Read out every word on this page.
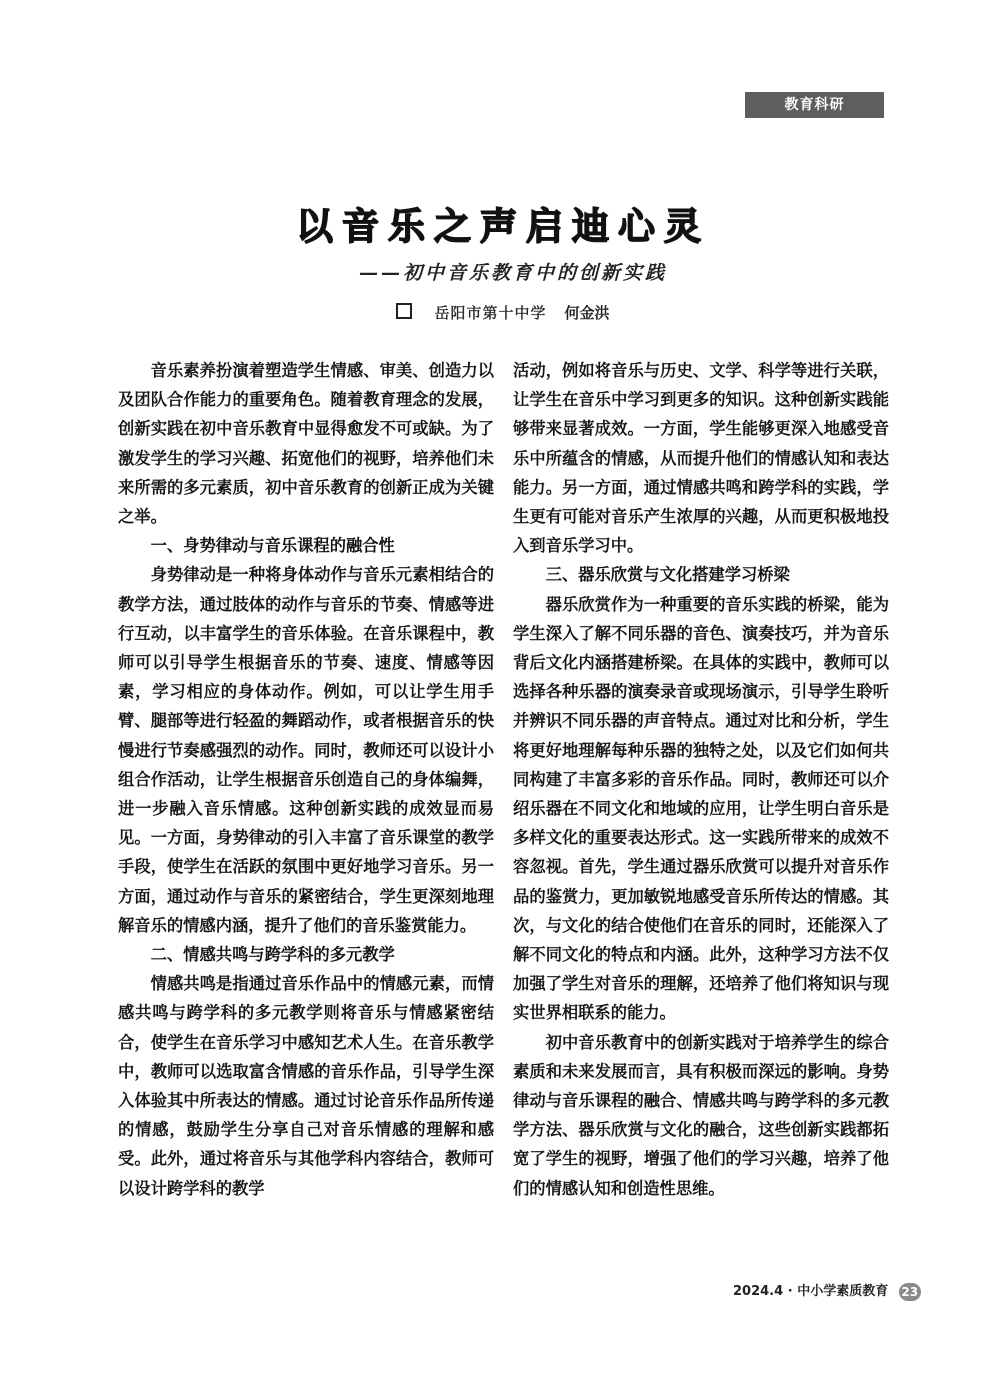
教育科研
以音乐之声启迪心灵
——初中音乐教育中的创新实践
岳阳市第十中学 何金洪

音乐素养扮演着塑造学生情感、审美、创造力以及团队合作能力的重要角色。随着教育理念的发展，创新实践在初中音乐教育中显得愈发不可或缺。为了激发学生的学习兴趣、拓宽他们的视野，培养他们未来所需的多元素质，初中音乐教育的创新正成为关键之举。

一、身势律动与音乐课程的融合性

身势律动是一种将身体动作与音乐元素相结合的教学方法，通过肢体的动作与音乐的节奏、情感等进行互动，以丰富学生的音乐体验。在音乐课程中，教师可以引导学生根据音乐的节奏、速度、情感等因素，学习相应的身体动作。例如，可以让学生用手臂、腿部等进行轻盈的舞蹈动作，或者根据音乐的快慢进行节奏感强烈的动作。同时，教师还可以设计小组合作活动，让学生根据音乐创造自己的身体编舞，进一步融入音乐情感。这种创新实践的成效显而易见。一方面，身势律动的引入丰富了音乐课堂的教学手段，使学生在活跃的氛围中更好地学习音乐。另一方面，通过动作与音乐的紧密结合，学生更深刻地理解音乐的情感内涵，提升了他们的音乐鉴赏能力。

二、情感共鸣与跨学科的多元教学

情感共鸣是指通过音乐作品中的情感元素，而情感共鸣与跨学科的多元教学则将音乐与情感紧密结合，使学生在音乐学习中感知艺术人生。在音乐教学中，教师可以选取富含情感的音乐作品，引导学生深入体验其中所表达的情感。通过讨论音乐作品所传递的情感，鼓励学生分享自己对音乐情感的理解和感受。此外，通过将音乐与其他学科内容结合，教师可以设计跨学科的教学

活动，例如将音乐与历史、文学、科学等进行关联，让学生在音乐中学习到更多的知识。这种创新实践能够带来显著成效。一方面，学生能够更深入地感受音乐中所蕴含的情感，从而提升他们的情感认知和表达能力。另一方面，通过情感共鸣和跨学科的实践，学生更有可能对音乐产生浓厚的兴趣，从而更积极地投入到音乐学习中。

三、器乐欣赏与文化搭建学习桥梁

器乐欣赏作为一种重要的音乐实践的桥梁，能为学生深入了解不同乐器的音色、演奏技巧，并为音乐背后文化内涵搭建桥梁。在具体的实践中，教师可以选择各种乐器的演奏录音或现场演示，引导学生聆听并辨识不同乐器的声音特点。通过对比和分析，学生将更好地理解每种乐器的独特之处，以及它们如何共同构建了丰富多彩的音乐作品。同时，教师还可以介绍乐器在不同文化和地域的应用，让学生明白音乐是多样文化的重要表达形式。这一实践所带来的成效不容忽视。首先，学生通过器乐欣赏可以提升对音乐作品的鉴赏力，更加敏锐地感受音乐所传达的情感。其次，与文化的结合使他们在音乐的同时，还能深入了解不同文化的特点和内涵。此外，这种学习方法不仅加强了学生对音乐的理解，还培养了他们将知识与现实世界相联系的能力。

初中音乐教育中的创新实践对于培养学生的综合素质和未来发展而言，具有积极而深远的影响。身势律动与音乐课程的融合、情感共鸣与跨学科的多元教学方法、器乐欣赏与文化的融合，这些创新实践都拓宽了学生的视野，增强了他们的学习兴趣，培养了他们的情感认知和创造性思维。

2024.4 · 中小学素质教育 23
